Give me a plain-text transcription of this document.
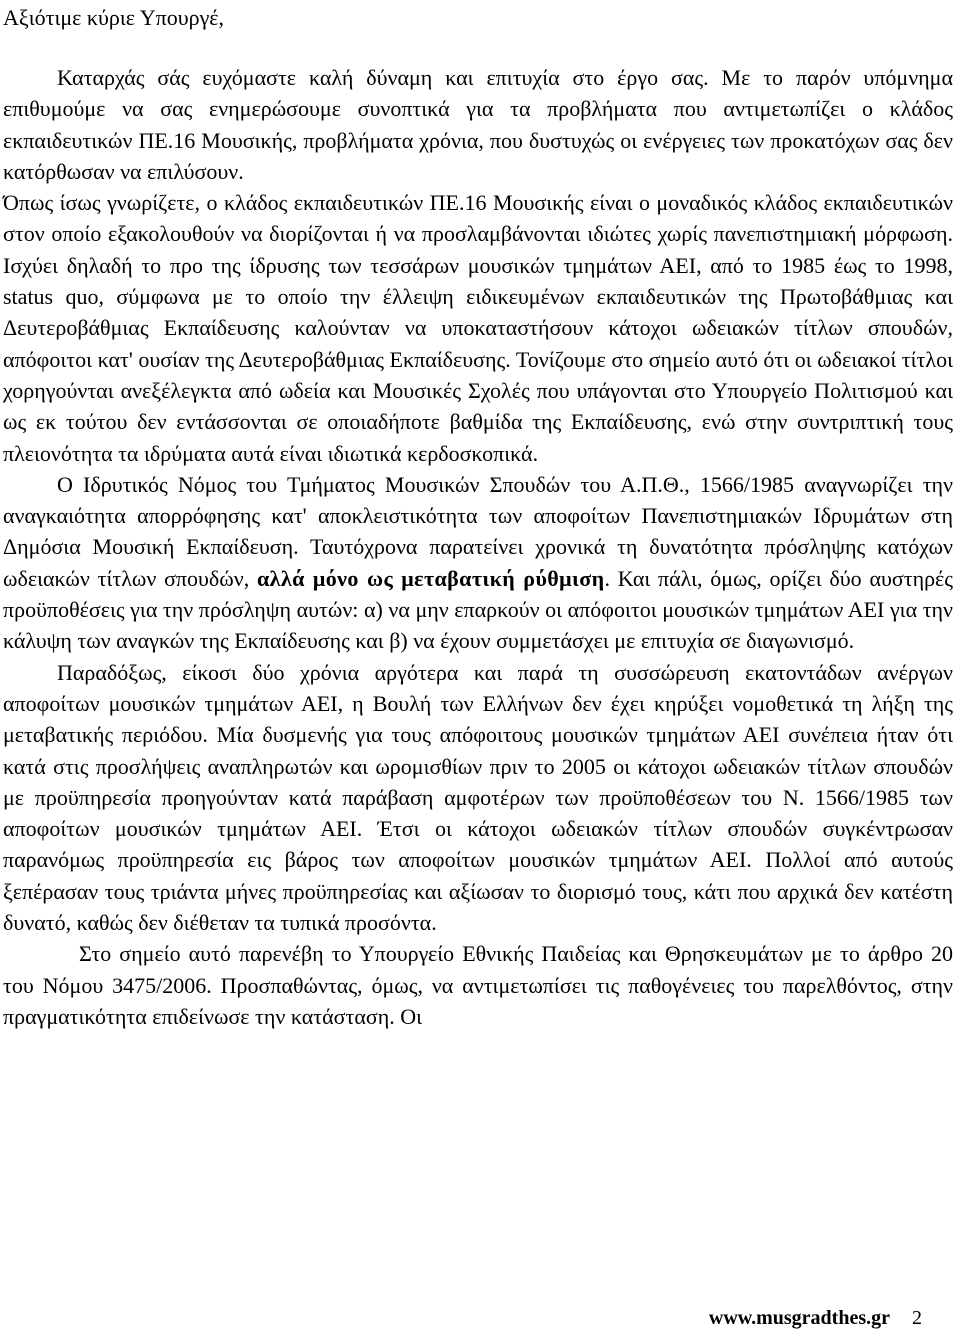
Αξιότιμε κύριε Υπουργέ,

Καταρχάς σάς ευχόμαστε καλή δύναμη και επιτυχία στο έργο σας. Με το παρόν υπόμνημα επιθυμούμε να σας ενημερώσουμε συνοπτικά για τα προβλήματα που αντιμετωπίζει ο κλάδος εκπαιδευτικών ΠΕ.16 Μουσικής, προβλήματα χρόνια, που δυστυχώς οι ενέργειες των προκατόχων σας δεν κατόρθωσαν να επιλύσουν.

Όπως ίσως γνωρίζετε, ο κλάδος εκπαιδευτικών ΠΕ.16 Μουσικής είναι ο μοναδικός κλάδος εκπαιδευτικών στον οποίο εξακολουθούν να διορίζονται ή να προσλαμβάνονται ιδιώτες χωρίς πανεπιστημιακή μόρφωση. Ισχύει δηλαδή το προ της ίδρυσης των τεσσάρων μουσικών τμημάτων ΑΕΙ, από το 1985 έως το 1998, status quo, σύμφωνα με το οποίο την έλλειψη ειδικευμένων εκπαιδευτικών της Πρωτοβάθμιας και Δευτεροβάθμιας Εκπαίδευσης καλούνταν να υποκαταστήσουν κάτοχοι ωδειακών τίτλων σπουδών, απόφοιτοι κατ' ουσίαν της Δευτεροβάθμιας Εκπαίδευσης. Τονίζουμε στο σημείο αυτό ότι οι ωδειακοί τίτλοι χορηγούνται ανεξέλεγκτα από ωδεία και Μουσικές Σχολές που υπάγονται στο Υπουργείο Πολιτισμού και ως εκ τούτου δεν εντάσσονται σε οποιαδήποτε βαθμίδα της Εκπαίδευσης, ενώ στην συντριπτική τους πλειονότητα τα ιδρύματα αυτά είναι ιδιωτικά κερδοσκοπικά.

Ο Ιδρυτικός Νόμος του Τμήματος Μουσικών Σπουδών του Α.Π.Θ., 1566/1985 αναγνωρίζει την αναγκαιότητα απορρόφησης κατ' αποκλειστικότητα των αποφοίτων Πανεπιστημιακών Ιδρυμάτων στη Δημόσια Μουσική Εκπαίδευση. Ταυτόχρονα παρατείνει χρονικά τη δυνατότητα πρόσληψης κατόχων ωδειακών τίτλων σπουδών, αλλά μόνο ως μεταβατική ρύθμιση. Και πάλι, όμως, ορίζει δύο αυστηρές προϋποθέσεις για την πρόσληψη αυτών: α) να μην επαρκούν οι απόφοιτοι μουσικών τμημάτων ΑΕΙ για την κάλυψη των αναγκών της Εκπαίδευσης και β) να έχουν συμμετάσχει με επιτυχία σε διαγωνισμό.

Παραδόξως, είκοσι δύο χρόνια αργότερα και παρά τη συσσώρευση εκατοντάδων ανέργων αποφοίτων μουσικών τμημάτων ΑΕΙ, η Βουλή των Ελλήνων δεν έχει κηρύξει νομοθετικά τη λήξη της μεταβατικής περιόδου. Μία δυσμενής για τους απόφοιτους μουσικών τμημάτων ΑΕΙ συνέπεια ήταν ότι κατά στις προσλήψεις αναπληρωτών και ωρομισθίων πριν το 2005 οι κάτοχοι ωδειακών τίτλων σπουδών με προϋπηρεσία προηγούνταν κατά παράβαση αμφοτέρων των προϋποθέσεων του Ν. 1566/1985 των αποφοίτων μουσικών τμημάτων ΑΕΙ. Έτσι οι κάτοχοι ωδειακών τίτλων σπουδών συγκέντρωσαν παρανόμως προϋπηρεσία εις βάρος των αποφοίτων μουσικών τμημάτων ΑΕΙ. Πολλοί από αυτούς ξεπέρασαν τους τριάντα μήνες προϋπηρεσίας και αξίωσαν το διορισμό τους, κάτι που αρχικά δεν κατέστη δυνατό, καθώς δεν διέθεταν τα τυπικά προσόντα.

Στο σημείο αυτό παρενέβη το Υπουργείο Εθνικής Παιδείας και Θρησκευμάτων με το άρθρο 20 του Νόμου 3475/2006. Προσπαθώντας, όμως, να αντιμετωπίσει τις παθογένειες του παρελθόντος, στην πραγματικότητα επιδείνωσε την κατάσταση. Οι

www.musgradthes.gr 2
